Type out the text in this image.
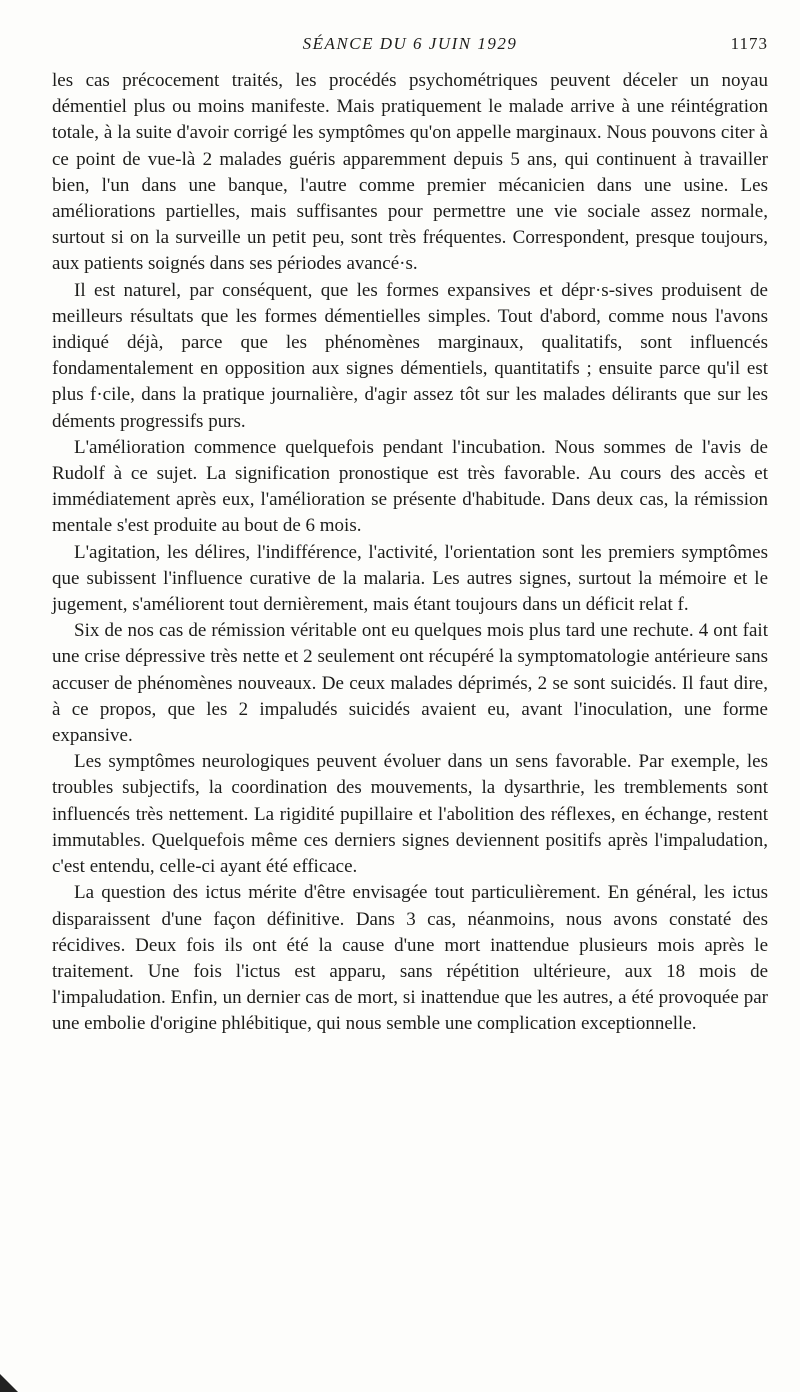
SÉANCE DU 6 JUIN 1929	1173

les cas précocement traités, les procédés psychométriques peuvent déceler un noyau démentiel plus ou moins manifeste. Mais pratiquement le malade arrive à une réintégration totale, à la suite d'avoir corrigé les symptômes qu'on appelle marginaux. Nous pouvons citer à ce point de vue-là 2 malades guéris apparemment depuis 5 ans, qui continuent à travailler bien, l'un dans une banque, l'autre comme premier mécanicien dans une usine. Les améliorations partielles, mais suffisantes pour permettre une vie sociale assez normale, surtout si on la surveille un petit peu, sont très fréquentes. Correspondent, presque toujours, aux patients soignés dans ses périodes avancé·s.

Il est naturel, par conséquent, que les formes expansives et dépr·s-sives produisent de meilleurs résultats que les formes démentielles simples. Tout d'abord, comme nous l'avons indiqué déjà, parce que les phénomènes marginaux, qualitatifs, sont influencés fondamentalement en opposition aux signes démentiels, quantitatifs ; ensuite parce qu'il est plus f·cile, dans la pratique journalière, d'agir assez tôt sur les malades délirants que sur les déments progressifs purs.

L'amélioration commence quelquefois pendant l'incubation. Nous sommes de l'avis de Rudolf à ce sujet. La signification pronostique est très favorable. Au cours des accès et immédiatement après eux, l'amélioration se présente d'habitude. Dans deux cas, la rémission mentale s'est produite au bout de 6 mois.

L'agitation, les délires, l'indifférence, l'activité, l'orientation sont les premiers symptômes que subissent l'influence curative de la malaria. Les autres signes, surtout la mémoire et le jugement, s'améliorent tout dernièrement, mais étant toujours dans un déficit relat f.

Six de nos cas de rémission véritable ont eu quelques mois plus tard une rechute. 4 ont fait une crise dépressive très nette et 2 seulement ont récupéré la symptomatologie antérieure sans accuser de phénomènes nouveaux. De ceux malades déprimés, 2 se sont suicidés. Il faut dire, à ce propos, que les 2 impaludés suicidés avaient eu, avant l'inoculation, une forme expansive.

Les symptômes neurologiques peuvent évoluer dans un sens favorable. Par exemple, les troubles subjectifs, la coordination des mouvements, la dysarthrie, les tremblements sont influencés très nettement. La rigidité pupillaire et l'abolition des réflexes, en échange, restent immutables. Quelquefois même ces derniers signes deviennent positifs après l'impaludation, c'est entendu, celle-ci ayant été efficace.

La question des ictus mérite d'être envisagée tout particulièrement. En général, les ictus disparaissent d'une façon définitive. Dans 3 cas, néanmoins, nous avons constaté des récidives. Deux fois ils ont été la cause d'une mort inattendue plusieurs mois après le traitement. Une fois l'ictus est apparu, sans répétition ultérieure, aux 18 mois de l'impaludation. Enfin, un dernier cas de mort, si inattendue que les autres, a été provoquée par une embolie d'origine phlébitique, qui nous semble une complication exceptionnelle.
